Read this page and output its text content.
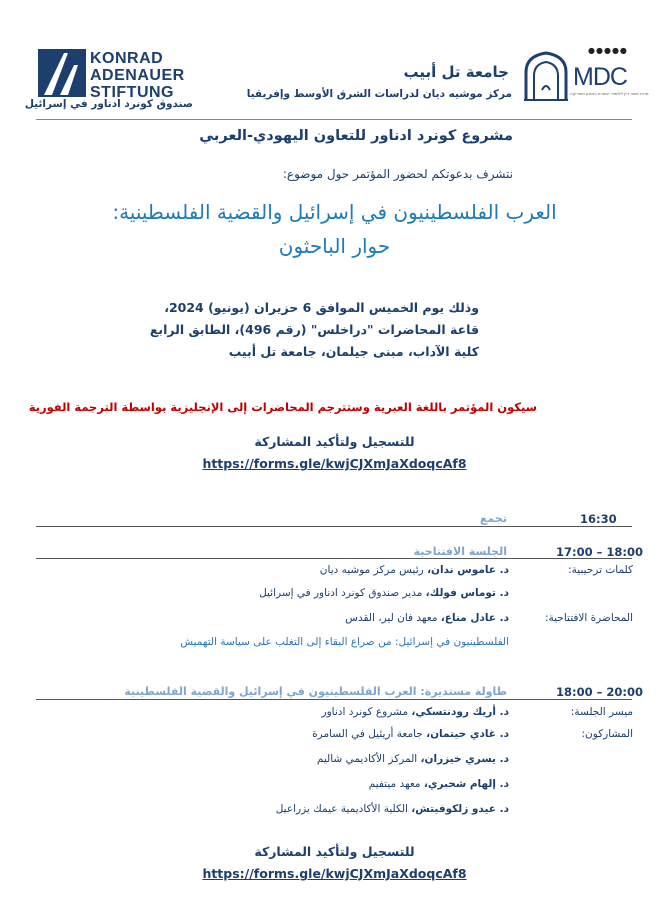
KONRAD
ADENAUER
STIFTUNG
صندوق كونرد ادناور في إسرائيل
●●●●●
MDC
מרכז משה דיין ללימודי המזרח התיכון ואפריקה
جامعة تل أبيب
مركز موشيه ديان لدراسات الشرق الأوسط وإفريقيا
مشروع كونرد ادناور للتعاون اليهودي-العربي
نتشرف بدعوتكم لحضور المؤتمر حول موضوع:
العرب الفلسطينيون في إسرائيل والقضية الفلسطينية:
حوار الباحثون
وذلك يوم الخميس الموافق 6 حزيران (يونيو) 2024،
قاعة المحاضرات "دراخلس" (رقم 496)، الطابق الرابع
كلية الآداب، مبنى جيلمان، جامعة تل أبيب
سيكون المؤتمر باللغة العبرية وستترجم المحاضرات إلى الإنجليزية بواسطة الترجمة الفورية
للتسجيل ولتأكيد المشاركة
https://forms.gle/kwjCJXmJaXdoqcAf8
16:30
تجمع
17:00 – 18:00
الجلسة الافتتاحية
كلمات ترحيبية:
د. عاموس ندان، رئيس مركز موشيه ديان
د. توماس فولك، مدير صندوق كونرد ادناور في إسرائيل
المحاضرة الافتتاحية:
د. عادل مناع، معهد فان لير، القدس
الفلسطينيون في إسرائيل: من صراع البقاء إلى التغلب على سياسة التهميش
18:00 – 20:00
طاولة مستديرة: العرب الفلسطينيون في إسرائيل والقضية الفلسطينية
ميسر الجلسة:
د. أريك رودنتسكي، مشروع كونرد ادناور
المشاركون:
د. غادي حيتمان، جامعة أريئيل في السامرة
د. يسري خيزران، المركز الأكاديمي شاليم
د. إلهام شحبري، معهد ميتفيم
د. عيدو زلكوفيتش، الكلية الأكاديمية عيمك يزراعيل
للتسجيل ولتأكيد المشاركة
https://forms.gle/kwjCJXmJaXdoqcAf8
